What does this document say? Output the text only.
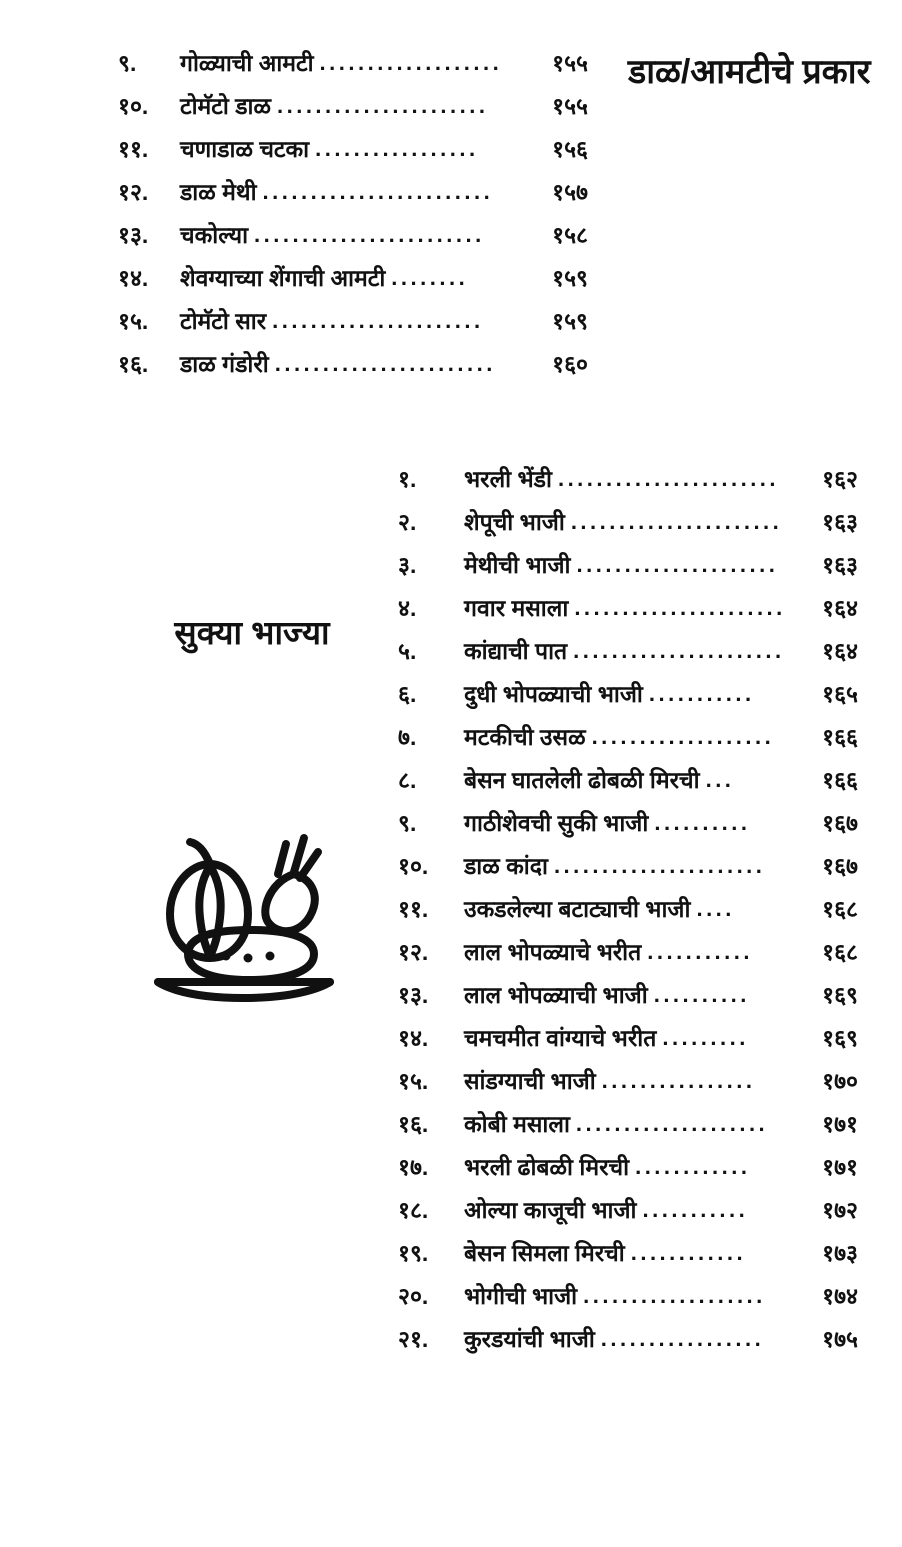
डाळ/आमटीचे प्रकार
९.	गोळ्याची आमटी ...................	१५५
१०.	टोमॅटो डाळ ......................	१५५
११.	चणाडाळ चटका .................	१५६
१२.	डाळ मेथी ........................	१५७
१३.	चकोल्या ........................	१५८
१४.	शेवग्याच्या शेंगाची आमटी ........	१५९
१५.	टोमॅटो सार ......................	१५९
१६.	डाळ गंडोरी .......................	१६०
सुक्या भाज्या
१.	भरली भेंडी .......................	१६२
२.	शेपूची भाजी ......................	१६३
३.	मेथीची भाजी .....................	१६३
४.	गवार मसाला ......................	१६४
५.	कांद्याची पात ......................	१६४
६.	दुधी भोपळ्याची भाजी ...........	१६५
७.	मटकीची उसळ ...................	१६६
८.	बेसन घातलेली ढोबळी मिरची ...	१६६
९.	गाठीशेवची सुकी भाजी ..........	१६७
१०.	डाळ कांदा ......................	१६७
११.	उकडलेल्या बटाट्याची भाजी ....	१६८
१२.	लाल भोपळ्याचे भरीत ...........	१६८
१३.	लाल भोपळ्याची भाजी ..........	१६९
१४.	चमचमीत वांग्याचे भरीत .........	१६९
१५.	सांडग्याची भाजी ................	१७०
१६.	कोबी मसाला ....................	१७१
१७.	भरली ढोबळी मिरची ............	१७१
१८.	ओल्या काजूची भाजी ...........	१७२
१९.	बेसन सिमला मिरची ............	१७३
२०.	भोगीची भाजी ...................	१७४
२१.	कुरडयांची भाजी .................	१७५
